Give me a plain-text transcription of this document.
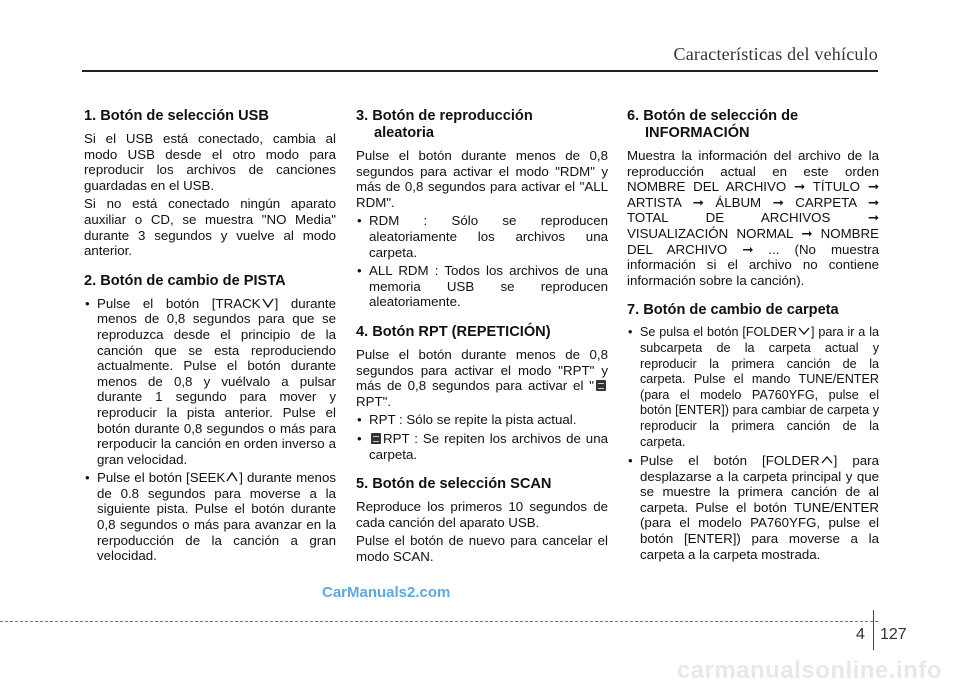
Características del vehículo
1. Botón de selección USB

Si el USB está conectado, cambia al modo USB desde el otro modo para reproducir los archivos de canciones guardadas en el USB.

Si no está conectado ningún aparato auxiliar o CD, se muestra "NO Media" durante 3 segundos y vuelve al modo anterior.

2. Botón de cambio de PISTA
• Pulse el botón [TRACK ] durante menos de 0,8 segundos para que se reproduzca desde el principio de la canción que se esta reproduciendo actualmente. Pulse el botón durante menos de 0,8 y vuélvalo a pulsar durante 1 segundo para mover y reproducir la pista anterior. Pulse el botón durante 0,8 segundos o más para rerpoducir la canción en orden inverso a gran velocidad.
• Pulse el botón [SEEK ] durante menos de 0.8 segundos para moverse a la siguiente pista. Pulse el botón durante 0,8 segundos o más para avanzar en la rerpoducción de la canción a gran velocidad.
3. Botón de reproducción
aleatoria

Pulse el botón durante menos de 0,8 segundos para activar el modo "RDM" y más de 0,8 segundos para activar el "ALL RDM".

• RDM : Sólo se reproducen aleatoriamente los archivos una carpeta.
• ALL RDM : Todos los archivos de una memoria USB se reproducen aleatoriamente.
4. Botón RPT (REPETICIÓN)

Pulse el botón durante menos de 0,8 segundos para activar el modo "RPT" y más de 0,8 segundos para activar el "RPT".

• RPT : Sólo se repite la pista actual.
• RPT : Se repiten los archivos de una carpeta.
5. Botón de selección SCAN

Reproduce los primeros 10 segundos de cada canción del aparato USB.

Pulse el botón de nuevo para cancelar el modo SCAN.

6. Botón de selección de
INFORMACIÓN

Muestra la información del archivo de la reproducción actual en este orden NOMBRE DEL ARCHIVO ➞ TÍTULO ➞ ARTISTA ➞ ÁLBUM ➞ CARPETA ➞ TOTAL DE ARCHIVOS ➞ VISUALIZACIÓN NORMAL ➞ NOMBRE DEL ARCHIVO ➞ ... (No muestra información si el archivo no contiene información sobre la canción).

7. Botón de cambio de carpeta
• Se pulsa el botón [FOLDER ] para ir a la subcarpeta de la carpeta actual y reproducir la primera canción de la carpeta. Pulse el mando TUNE/ENTER (para el modelo PA760YFG, pulse el botón [ENTER]) para cambiar de carpeta y reproducir la primera canción de la carpeta.
• Pulse el botón [FOLDER ] para desplazarse a la carpeta principal y que se muestre la primera canción de al carpeta. Pulse el botón TUNE/ENTER (para el modelo PA760YFG, pulse el botón [ENTER]) para moverse a la carpeta a la carpeta mostrada.
CarManuals2.com
4 127
carmanualsonline.info
